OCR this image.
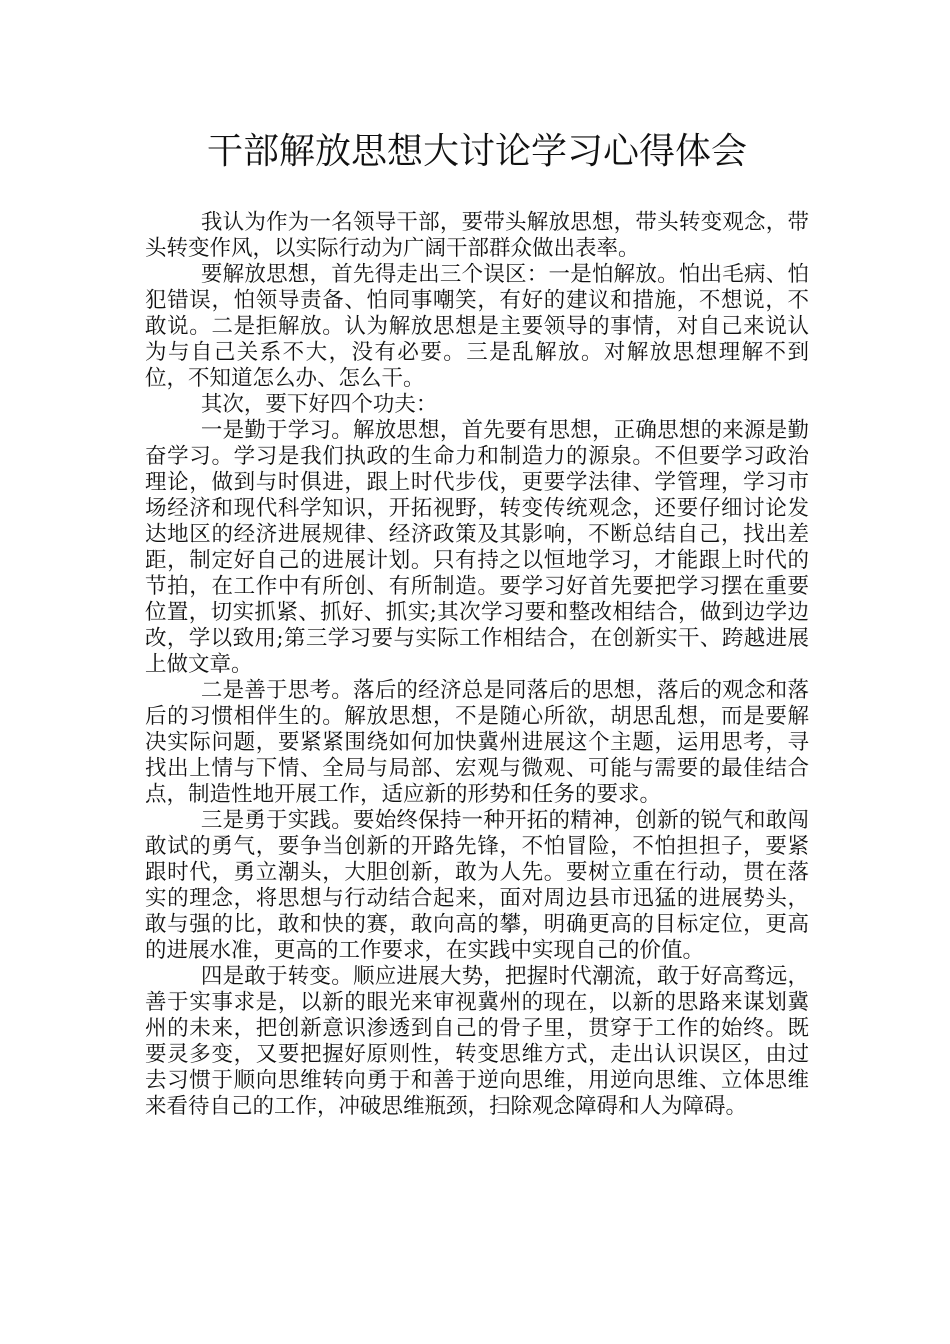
干部解放思想大讨论学习心得体会

我认为作为一名领导干部，要带头解放思想，带头转变观念，带头转变作风，以实际行动为广阔干部群众做出表率。

要解放思想，首先得走出三个误区：一是怕解放。怕出毛病、怕犯错误，怕领导责备、怕同事嘲笑，有好的建议和措施，不想说，不敢说。二是拒解放。认为解放思想是主要领导的事情，对自己来说认为与自己关系不大，没有必要。三是乱解放。对解放思想理解不到位，不知道怎么办、怎么干。

其次，要下好四个功夫：

一是勤于学习。解放思想，首先要有思想，正确思想的来源是勤奋学习。学习是我们执政的生命力和制造力的源泉。不但要学习政治理论，做到与时俱进，跟上时代步伐，更要学法律、学管理，学习市场经济和现代科学知识，开拓视野，转变传统观念，还要仔细讨论发达地区的经济进展规律、经济政策及其影响，不断总结自己，找出差距，制定好自己的进展计划。只有持之以恒地学习，才能跟上时代的节拍，在工作中有所创、有所制造。要学习好首先要把学习摆在重要位置，切实抓紧、抓好、抓实;其次学习要和整改相结合，做到边学边改，学以致用;第三学习要与实际工作相结合，在创新实干、跨越进展上做文章。

二是善于思考。落后的经济总是同落后的思想，落后的观念和落后的习惯相伴生的。解放思想，不是随心所欲，胡思乱想，而是要解决实际问题，要紧紧围绕如何加快冀州进展这个主题，运用思考，寻找出上情与下情、全局与局部、宏观与微观、可能与需要的最佳结合点，制造性地开展工作，适应新的形势和任务的要求。

三是勇于实践。要始终保持一种开拓的精神，创新的锐气和敢闯敢试的勇气，要争当创新的开路先锋，不怕冒险，不怕担担子，要紧跟时代，勇立潮头，大胆创新，敢为人先。要树立重在行动，贯在落实的理念，将思想与行动结合起来，面对周边县市迅猛的进展势头，敢与强的比，敢和快的赛，敢向高的攀，明确更高的目标定位，更高的进展水准，更高的工作要求，在实践中实现自己的价值。

四是敢于转变。顺应进展大势，把握时代潮流，敢于好高骛远，善于实事求是，以新的眼光来审视冀州的现在，以新的思路来谋划冀州的未来，把创新意识渗透到自己的骨子里，贯穿于工作的始终。既要灵多变，又要把握好原则性，转变思维方式，走出认识误区，由过去习惯于顺向思维转向勇于和善于逆向思维，用逆向思维、立体思维来看待自己的工作，冲破思维瓶颈，扫除观念障碍和人为障碍。
